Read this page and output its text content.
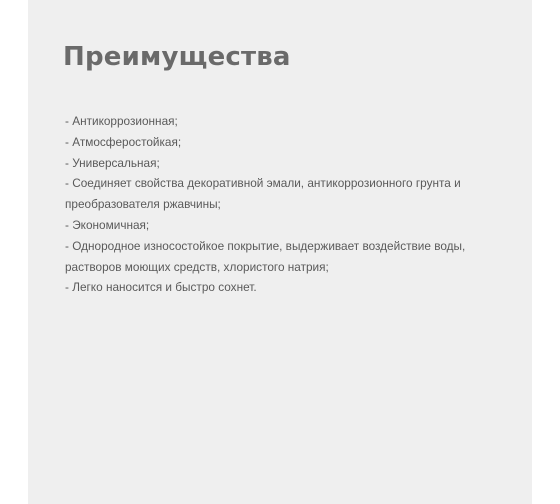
Преимущества
- Антикоррозионная;
- Атмосферостойкая;
- Универсальная;
- Соединяет свойства декоративной эмали, антикоррозионного грунта и преобразователя ржавчины;
- Экономичная;
- Однородное износостойкое покрытие, выдерживает воздействие воды, растворов моющих средств, хлористого натрия;
- Легко наносится и быстро сохнет.
